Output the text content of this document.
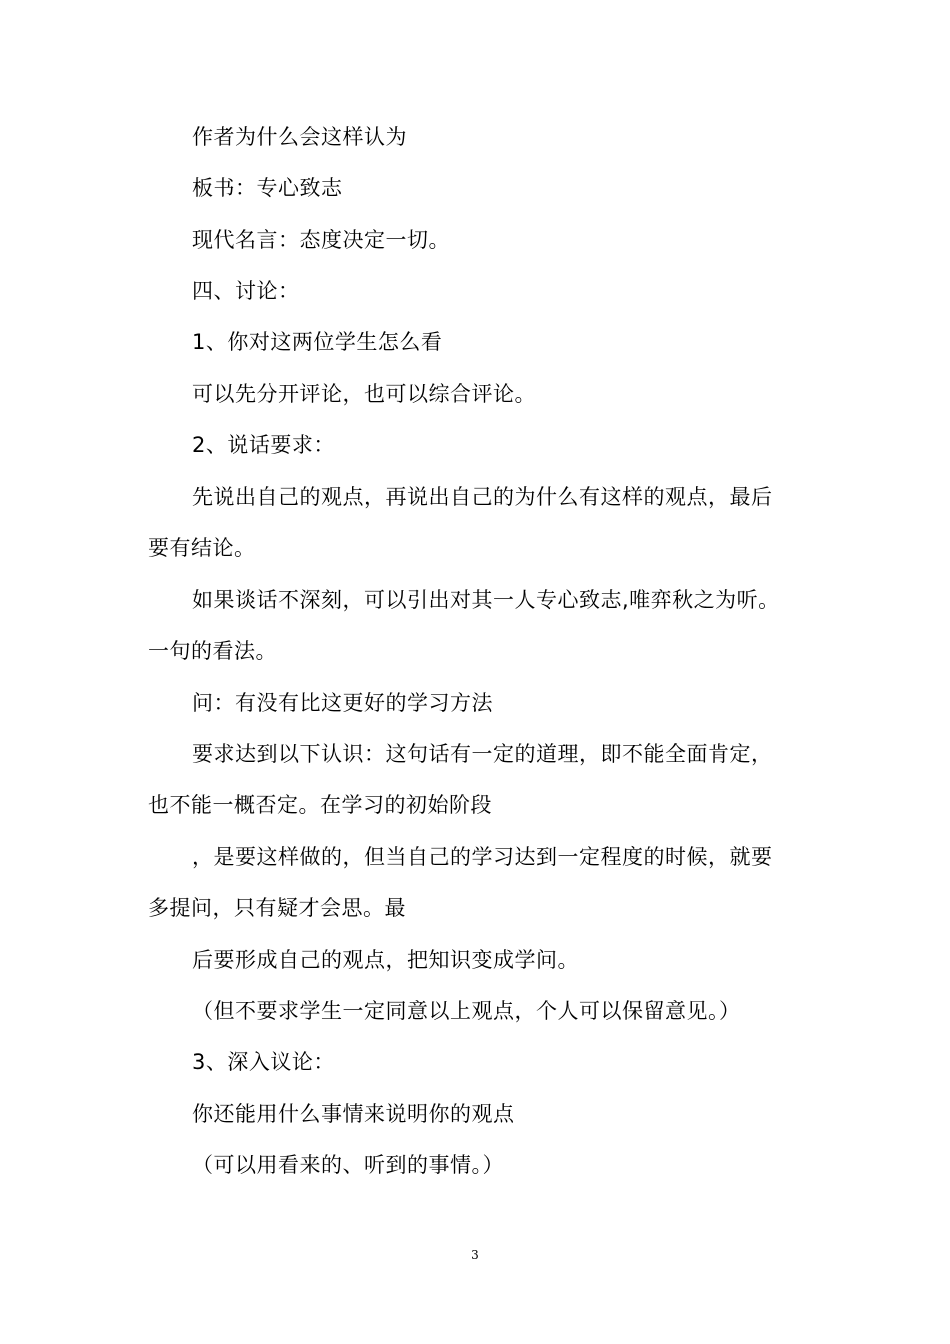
作者为什么会这样认为
板书：专心致志
现代名言：态度决定一切。
四、讨论：
1、你对这两位学生怎么看
可以先分开评论，也可以综合评论。
2、说话要求：
先说出自己的观点，再说出自己的为什么有这样的观点，最后
要有结论。
如果谈话不深刻，可以引出对其一人专心致志,唯弈秋之为听。
一句的看法。
问：有没有比这更好的学习方法
要求达到以下认识：这句话有一定的道理，即不能全面肯定，
也不能一概否定。在学习的初始阶段
，是要这样做的，但当自己的学习达到一定程度的时候，就要
多提问，只有疑才会思。最
后要形成自己的观点，把知识变成学问。
（但不要求学生一定同意以上观点，个人可以保留意见。）
3、深入议论：
你还能用什么事情来说明你的观点
（可以用看来的、听到的事情。）
3
